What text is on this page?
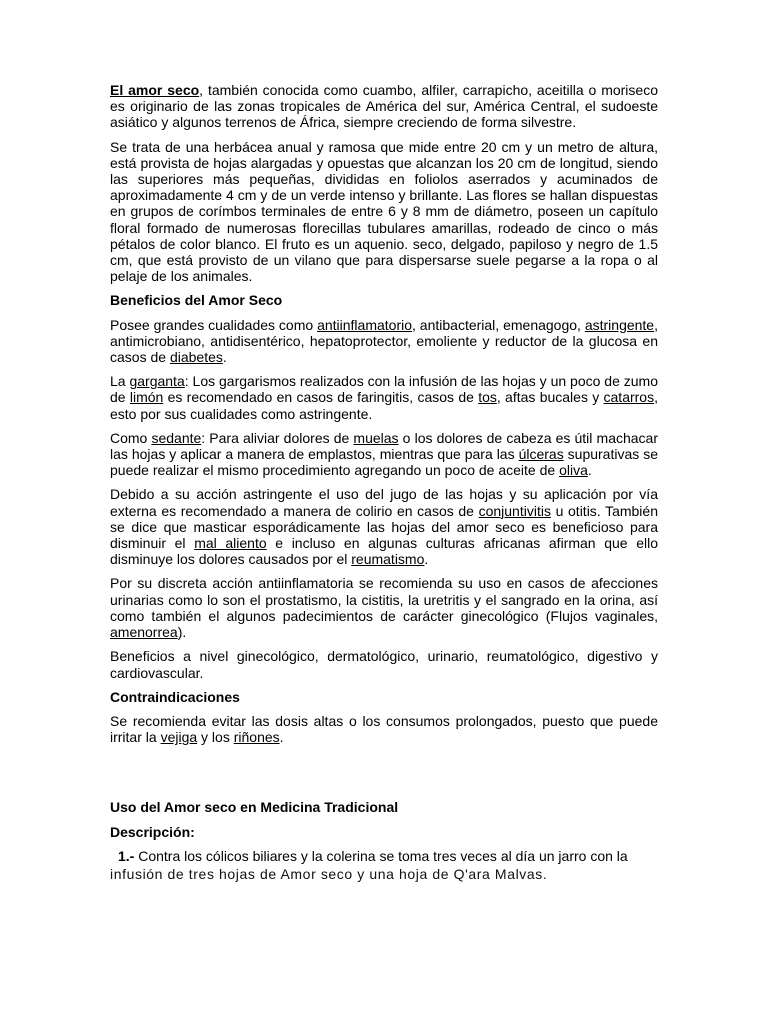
El amor seco, también conocida como cuambo, alfiler, carrapicho, aceitilla o moriseco es originario de las zonas tropicales de América del sur, América Central, el sudoeste asiático y algunos terrenos de África, siempre creciendo de forma silvestre.

Se trata de una herbácea anual y ramosa que mide entre 20 cm y un metro de altura, está provista de hojas alargadas y opuestas que alcanzan los 20 cm de longitud, siendo las superiores más pequeñas, divididas en foliolos aserrados y acuminados de aproximadamente 4 cm y de un verde intenso y brillante. Las flores se hallan dispuestas en grupos de corímbos terminales de entre 6 y 8 mm de diámetro, poseen un capítulo floral formado de numerosas florecillas tubulares amarillas, rodeado de cinco o más pétalos de color blanco. El fruto es un aquenio. seco, delgado, papiloso y negro de 1.5 cm, que está provisto de un vilano que para dispersarse suele pegarse a la ropa o al pelaje de los animales.

Beneficios del Amor Seco

Posee grandes cualidades como antiinflamatorio, antibacterial, emenagogo, astringente, antimicrobiano, antidisentérico, hepatoprotector, emoliente y reductor de la glucosa en casos de diabetes.

La garganta: Los gargarismos realizados con la infusión de las hojas y un poco de zumo de limón es recomendado en casos de faringitis, casos de tos, aftas bucales y catarros, esto por sus cualidades como astringente.

Como sedante: Para aliviar dolores de muelas o los dolores de cabeza es útil machacar las hojas y aplicar a manera de emplastos, mientras que para las úlceras supurativas se puede realizar el mismo procedimiento agregando un poco de aceite de oliva.

Debido a su acción astringente el uso del jugo de las hojas y su aplicación por vía externa es recomendado a manera de colirio en casos de conjuntivitis u otitis. También se dice que masticar esporádicamente las hojas del amor seco es beneficioso para disminuir el mal aliento e incluso en algunas culturas africanas afirman que ello disminuye los dolores causados por el reumatismo.

Por su discreta acción antiinflamatoria se recomienda su uso en casos de afecciones urinarias como lo son el prostatismo, la cistitis, la uretritis y el sangrado en la orina, así como también el algunos padecimientos de carácter ginecológico (Flujos vaginales, amenorrea).

Beneficios a nivel ginecológico, dermatológico, urinario, reumatológico, digestivo y cardiovascular.

Contraindicaciones

Se recomienda evitar las dosis altas o los consumos prolongados, puesto que puede irritar la vejiga y los riñones.

Uso del Amor seco en Medicina Tradicional
Descripción:

1.- Contra los cólicos biliares y la colerina se toma tres veces al día un jarro con la

infusión de tres hojas de Amor seco y una hoja de Q'ara Malvas.
